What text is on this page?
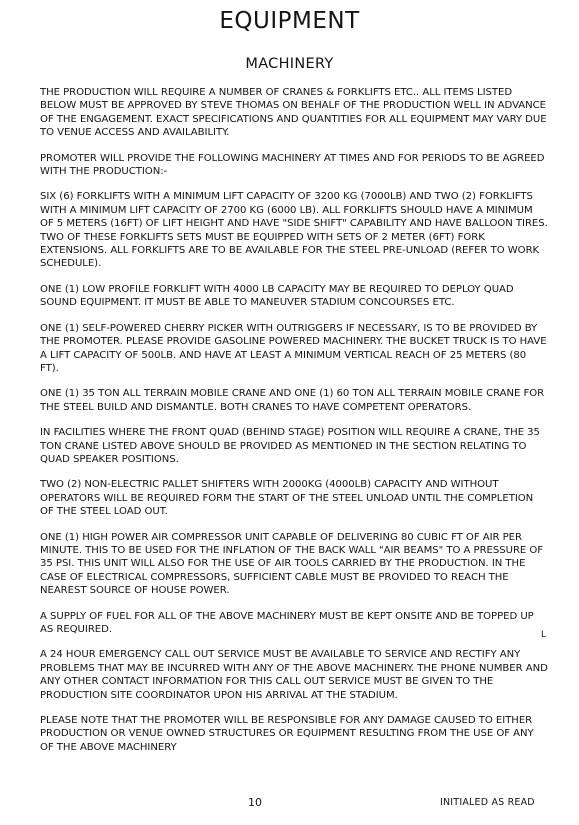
EQUIPMENT
MACHINERY

THE PRODUCTION WILL REQUIRE A NUMBER OF CRANES & FORKLIFTS ETC.. ALL ITEMS LISTED BELOW MUST BE APPROVED BY STEVE THOMAS ON BEHALF OF THE PRODUCTION WELL IN ADVANCE OF THE ENGAGEMENT. EXACT SPECIFICATIONS AND QUANTITIES FOR ALL EQUIPMENT MAY VARY DUE TO VENUE ACCESS AND AVAILABILITY.

PROMOTER WILL PROVIDE THE FOLLOWING MACHINERY AT TIMES AND FOR PERIODS TO BE AGREED WITH THE PRODUCTION:-

SIX (6) FORKLIFTS WITH A MINIMUM LIFT CAPACITY OF 3200 KG (7000LB) AND TWO (2) FORKLIFTS WITH A MINIMUM LIFT CAPACITY OF 2700 KG (6000 LB). ALL FORKLIFTS SHOULD HAVE A MINIMUM OF 5 METERS (16FT) OF LIFT HEIGHT AND HAVE "SIDE SHIFT" CAPABILITY AND HAVE BALLOON TIRES. TWO OF THESE FORKLIFTS SETS MUST BE EQUIPPED WITH SETS OF 2 METER (6FT) FORK EXTENSIONS. ALL FORKLIFTS ARE TO BE AVAILABLE FOR THE STEEL PRE-UNLOAD (REFER TO WORK SCHEDULE).

ONE (1) LOW PROFILE FORKLIFT WITH 4000 LB CAPACITY MAY BE REQUIRED TO DEPLOY QUAD SOUND EQUIPMENT. IT MUST BE ABLE TO MANEUVER STADIUM CONCOURSES ETC.

ONE (1) SELF-POWERED CHERRY PICKER WITH OUTRIGGERS IF NECESSARY, IS TO BE PROVIDED BY THE PROMOTER. PLEASE PROVIDE GASOLINE POWERED MACHINERY. THE BUCKET TRUCK IS TO HAVE A LIFT CAPACITY OF 500LB. AND HAVE AT LEAST A MINIMUM VERTICAL REACH OF 25 METERS (80 FT).

ONE (1) 35 TON ALL TERRAIN MOBILE CRANE AND ONE (1) 60 TON ALL TERRAIN MOBILE CRANE FOR THE STEEL BUILD AND DISMANTLE. BOTH CRANES TO HAVE COMPETENT OPERATORS.

IN FACILITIES WHERE THE FRONT QUAD (BEHIND STAGE) POSITION WILL REQUIRE A CRANE, THE 35 TON CRANE LISTED ABOVE SHOULD BE PROVIDED AS MENTIONED IN THE SECTION RELATING TO QUAD SPEAKER POSITIONS.

TWO (2) NON-ELECTRIC PALLET SHIFTERS WITH 2000KG (4000LB) CAPACITY AND WITHOUT OPERATORS WILL BE REQUIRED FORM THE START OF THE STEEL UNLOAD UNTIL THE COMPLETION OF THE STEEL LOAD OUT.

ONE (1) HIGH POWER AIR COMPRESSOR UNIT CAPABLE OF DELIVERING 80 CUBIC FT OF AIR PER MINUTE. THIS TO BE USED FOR THE INFLATION OF THE BACK WALL "AIR BEAMS" TO A PRESSURE OF 35 PSI. THIS UNIT WILL ALSO FOR THE USE OF AIR TOOLS CARRIED BY THE PRODUCTION. IN THE CASE OF ELECTRICAL COMPRESSORS, SUFFICIENT CABLE MUST BE PROVIDED TO REACH THE NEAREST SOURCE OF HOUSE POWER.

A SUPPLY OF FUEL FOR ALL OF THE ABOVE MACHINERY MUST BE KEPT ONSITE AND BE TOPPED UP AS REQUIRED.

A 24 HOUR EMERGENCY CALL OUT SERVICE MUST BE AVAILABLE TO SERVICE AND RECTIFY ANY PROBLEMS THAT MAY BE INCURRED WITH ANY OF THE ABOVE MACHINERY. THE PHONE NUMBER AND ANY OTHER CONTACT INFORMATION FOR THIS CALL OUT SERVICE MUST BE GIVEN TO THE PRODUCTION SITE COORDINATOR UPON HIS ARRIVAL AT THE STADIUM.

PLEASE NOTE THAT THE PROMOTER WILL BE RESPONSIBLE FOR ANY DAMAGE CAUSED TO EITHER PRODUCTION OR VENUE OWNED STRUCTURES OR EQUIPMENT RESULTING FROM THE USE OF ANY OF THE ABOVE MACHINERY

L
10	INITIALED AS READ
